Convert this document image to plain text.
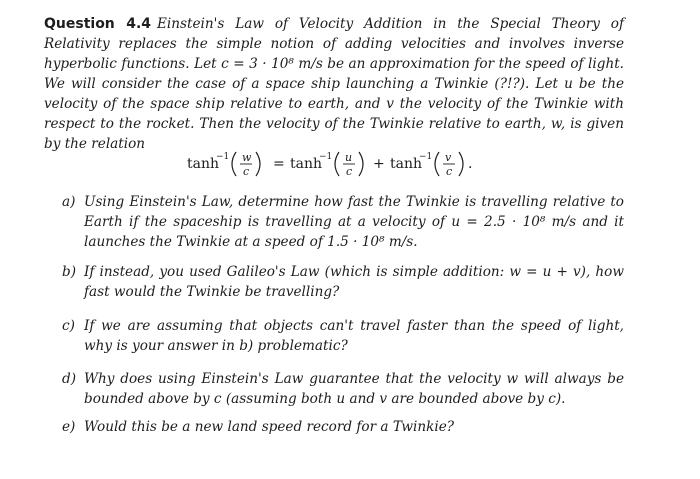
Question 4.4 Einstein's Law of Velocity Addition in the Special Theory of Relativity replaces the simple notion of adding velocities and involves inverse hyperbolic functions. Let c = 3 · 10⁸ m/s be an approximation for the speed of light. We will consider the case of a space ship launching a Twinkie (?!?). Let u be the velocity of the space ship relative to earth, and v the velocity of the Twinkie with respect to the rocket. Then the velocity of the Twinkie relative to earth, w, is given by the relation

tanh
−1 w
c = tanh
−1 u
c + tanh
−1 v
c .
a) Using Einstein's Law, determine how fast the Twinkie is travelling relative to Earth if the spaceship is travelling at a velocity of u = 2.5 · 10⁸ m/s and it launches the Twinkie at a speed of 1.5 · 10⁸ m/s.
b) If instead, you used Galileo's Law (which is simple addition: w = u + v), how fast would the Twinkie be travelling?
c) If we are assuming that objects can't travel faster than the speed of light, why is your answer in b) problematic?
d) Why does using Einstein's Law guarantee that the velocity w will always be bounded above by c (assuming both u and v are bounded above by c).
e) Would this be a new land speed record for a Twinkie?
